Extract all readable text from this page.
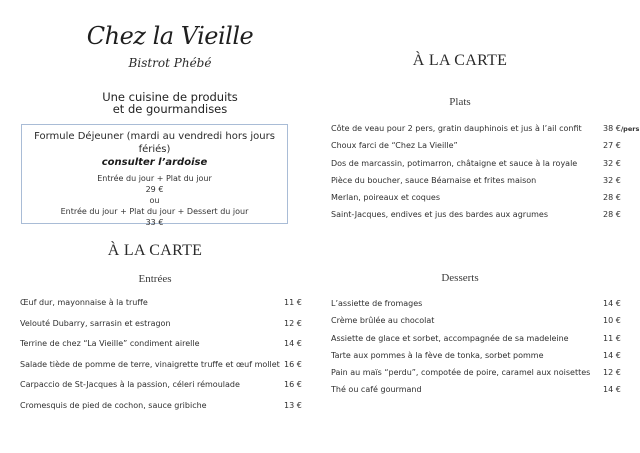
Chez la Vieille
Bistrot Phébé
Une cuisine de produits
et de gourmandises
Formule Déjeuner (mardi au vendredi hors jours fériés)
consulter l’ardoise
Entrée du jour + Plat du jour
29 €
ou
Entrée du jour + Plat du jour + Dessert du jour
33 €
À LA CARTE
Entrées
Œuf dur, mayonnaise à la truffe	11 €
Velouté Dubarry, sarrasin et estragon	12 €
Terrine de chez “La Vieille” condiment airelle	14 €
Salade tiède de pomme de terre, vinaigrette truffe et œuf mollet 16 €
Carpaccio de St-Jacques à la passion, céleri rémoulade	16 €
Cromesquis de pied de cochon, sauce gribiche	13 €
À LA CARTE
Plats
Côte de veau pour 2 pers, gratin dauphinois et jus à l’ail confit	38 €/pers
Choux farci de “Chez La Vieille”	27 €
Dos de marcassin, potimarron, châtaigne et sauce à la royale	32 €
Pièce du boucher, sauce Béarnaise et frites maison	32 €
Merlan, poireaux et coques	28 €
Saint-Jacques, endives et jus des bardes aux agrumes	28 €
Desserts
L’assiette de fromages	14 €
Crème brûlée au chocolat	10 €
Assiette de glace et sorbet, accompagnée de sa madeleine	11 €
Tarte aux pommes à la fève de tonka, sorbet pomme	14 €
Pain au maïs “perdu”, compotée de poire, caramel aux noisettes 12 €
Thé ou café gourmand	14 €
